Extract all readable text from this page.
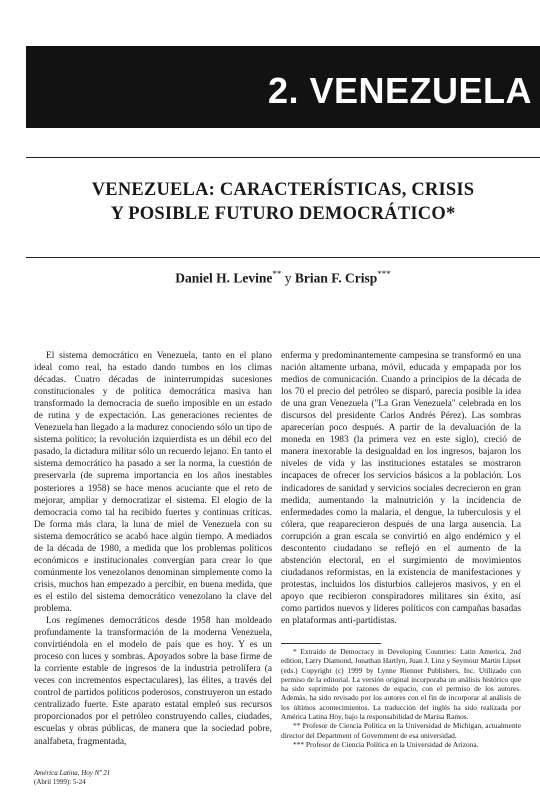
2. VENEZUELA
VENEZUELA: CARACTERÍSTICAS, CRISIS
Y POSIBLE FUTURO DEMOCRÁTICO*
Daniel H. Levine** y Brian F. Crisp***

El sistema democrático en Venezuela, tanto en el plano ideal como real, ha estado dando tumbos en los climas décadas. Cuatro décadas de ininterrumpidas sucesiones constitucionales y de política democrática masiva han transformado la democracia de sueño imposible en un estado de rutina y de expectación. Las generaciones recientes de Venezuela han llegado a la madurez conociendo sólo un tipo de sistema político; la revolución izquierdista es un débil eco del pasado, la dictadura militar sólo un recuerdo lejano. En tanto el sistema democrático ha pasado a ser la norma, la cuestión de preservarla (de suprema importancia en los años inestables posteriores a 1958) se hace menos acuciante que el reto de mejorar, ampliar y democratizar el sistema. El elogio de la democracia como tal ha recibido fuertes y continuas críticas. De forma más clara, la luna de miel de Venezuela con su sistema democrático se acabó hace algún tiempo. A mediados de la década de 1980, a medida que los problemas políticos económicos e institucionales convergían para crear lo que comúnmente los venezolanos denominan simplemente como la crisis, muchos han empezado a percibir, en buena medida, que es el estilo del sistema democrático venezolano la clave del problema.

Los regímenes democráticos desde 1958 han moldeado profundamente la transformación de la moderna Venezuela, convirtiéndola en el modelo de país que es hoy. Y es un proceso con luces y sombras. Apoyados sobre la base firme de la corriente estable de ingresos de la industria petrolífera (a veces con incrementos espectaculares), las élites, a través del control de partidos políticos poderosos, construyeron un estado centralizado fuerte. Este aparato estatal empleó sus recursos proporcionados por el petróleo construyendo calles, ciudades, escuelas y obras públicas, de manera que la sociedad pobre, analfabeta, fragmentada,

enferma y predominantemente campesina se transformó en una nación altamente urbana, móvil, educada y empapada por los medios de comunicación. Cuando a principios de la década de los 70 el precio del petróleo se disparó, parecía posible la idea de una gran Venezuela ("La Gran Venezuela" celebrada en los discursos del presidente Carlos Andrés Pérez). Las sombras aparecerían poco después. A partir de la devaluación de la moneda en 1983 (la primera vez en este siglo), creció de manera inexorable la desigualdad en los ingresos, bajaron los niveles de vida y las instituciones estatales se mostraron incapaces de ofrecer los servicios básicos a la población. Los indicadores de sanidad y servicios sociales decrecieron en gran medida, aumentando la malnutrición y la incidencia de enfermedades como la malaria, el dengue, la tuberculosis y el cólera, que reaparecieron después de una larga ausencia. La corrupción a gran escala se convirtió en algo endémico y el descontento ciudadano se reflejó en el aumento de la abstención electoral, en el surgimiento de movimientos ciudadanos reformistas, en la existencia de manifestaciones y protestas, incluidos los disturbios callejeros masivos, y en el apoyo que recibieron conspiradores militares sin éxito, así como partidos nuevos y líderes políticos con campañas basadas en plataformas anti-partidistas.

* Extraído de Democracy in Developing Countries: Latin America, 2nd edition, Larry Diamond, Jonathan Hartlyn, Juan J. Linz y Seymour Martin Lipset (eds.) Copyright (c) 1999 by Lynne Rienner Publishers, Inc. Utilizado con permiso de la editorial. La versión original incorporaba un análisis histórico que ha sido suprimido por razones de espacio, con el permiso de los autores. Además, ha sido revisado por los autores con el fin de incorporar al análisis de los últimos acontecimientos. La traducción del inglés ha sido realizada por América Latina Hoy, bajo la responsabilidad de Marisa Ramos.

** Profesor de Ciencia Política en la Universidad de Michigan, actualmente director del Department of Government de esa universidad.

*** Profesor de Ciencia Política en la Universidad de Arizona.

América Latina, Hoy Nº 21
(Abril 1999): 5-24
